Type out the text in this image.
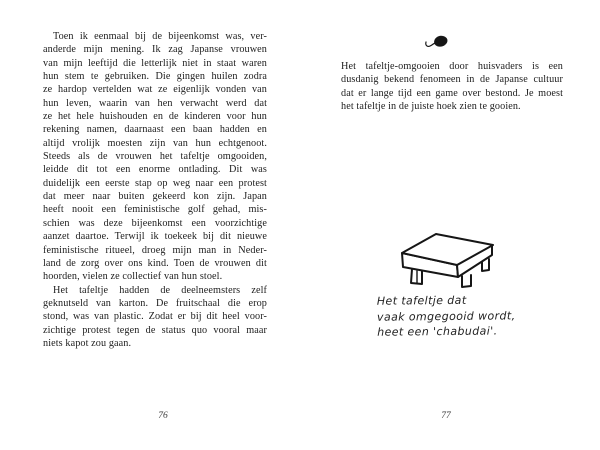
Toen ik eenmaal bij de bijeenkomst was, ver-
anderde mijn mening. Ik zag Japanse vrouwen
van mijn leeftijd die letterlijk niet in staat waren
hun stem te gebruiken. Die gingen huilen zodra
ze hardop vertelden wat ze eigenlijk vonden van
hun leven, waarin van hen verwacht werd dat
ze het hele huishouden en de kinderen voor hun
rekening namen, daarnaast een baan hadden en
altijd vrolijk moesten zijn van hun echtgenoot.
Steeds als de vrouwen het tafeltje omgooiden,
leidde dit tot een enorme ontlading. Dit was
duidelijk een eerste stap op weg naar een protest
dat meer naar buiten gekeerd kon zijn. Japan
heeft nooit een feministische golf gehad, mis-
schien was deze bijeenkomst een voorzichtige
aanzet daartoe. Terwijl ik toekeek bij dit nieuwe
feministische ritueel, droeg mijn man in Neder-
land de zorg over ons kind. Toen de vrouwen dit
hoorden, vielen ze collectief van hun stoel.
Het tafeltje hadden de deelneemsters zelf
geknutseld van karton. De fruitschaal die erop
stond, was van plastic. Zodat er bij dit heel voor-
zichtige protest tegen de status quo vooral maar
niets kapot zou gaan.
76
Het tafeltje-omgooien door huisvaders is een
dusdanig bekend fenomeen in de Japanse cultuur
dat er lange tijd een game over bestond. Je moest
het tafeltje in de juiste hoek zien te gooien.
Het tafeltje dat
vaak omgegooid wordt,
heet een 'chabudai'.
77
